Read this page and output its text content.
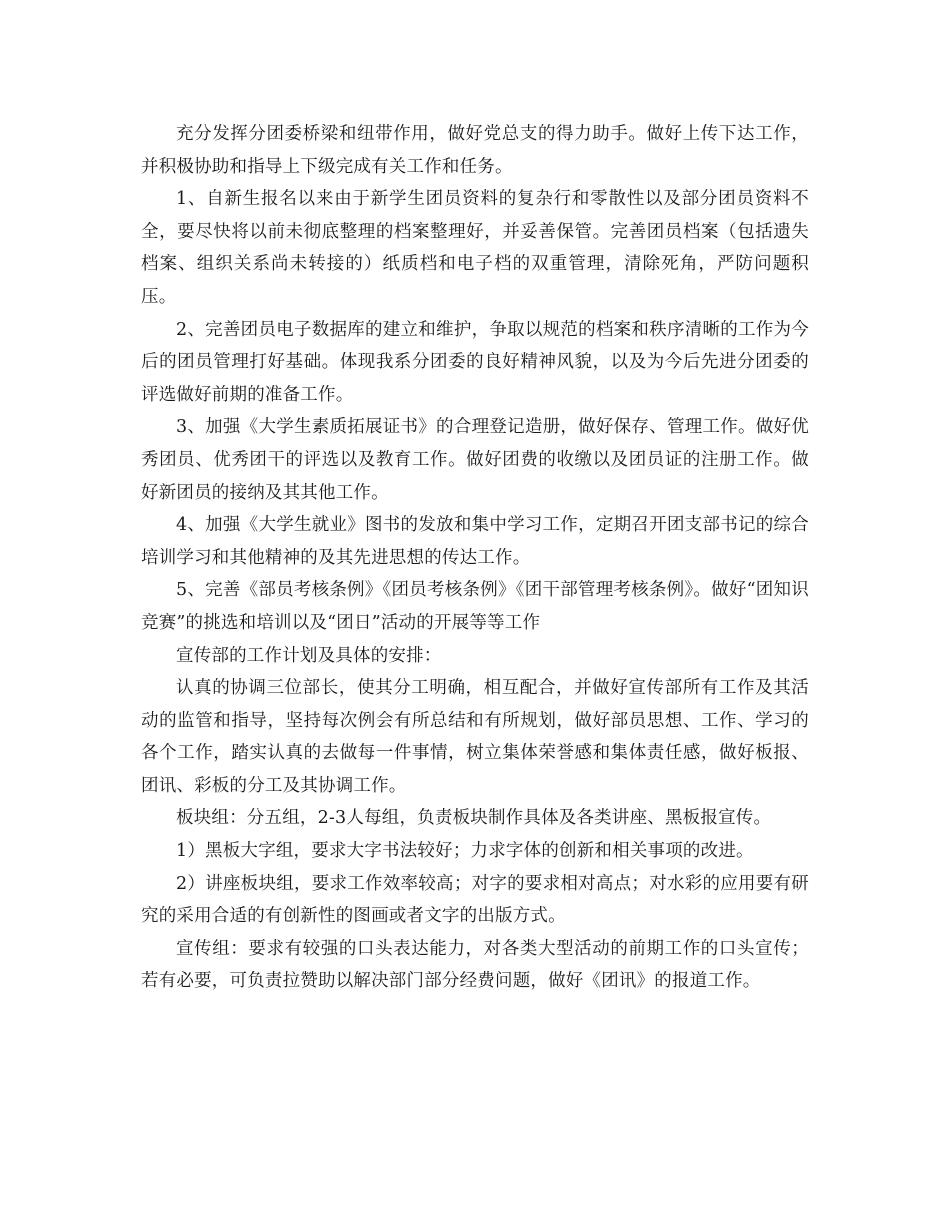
充分发挥分团委桥梁和纽带作用，做好党总支的得力助手。做好上传下达工作，并积极协助和指导上下级完成有关工作和任务。

1、自新生报名以来由于新学生团员资料的复杂行和零散性以及部分团员资料不全，要尽快将以前未彻底整理的档案整理好，并妥善保管。完善团员档案（包括遗失档案、组织关系尚未转接的）纸质档和电子档的双重管理，清除死角，严防问题积压。

2、完善团员电子数据库的建立和维护，争取以规范的档案和秩序清晰的工作为今后的团员管理打好基础。体现我系分团委的良好精神风貌，以及为今后先进分团委的评选做好前期的准备工作。

3、加强《大学生素质拓展证书》的合理登记造册，做好保存、管理工作。做好优秀团员、优秀团干的评选以及教育工作。做好团费的收缴以及团员证的注册工作。做好新团员的接纳及其其他工作。

4、加强《大学生就业》图书的发放和集中学习工作，定期召开团支部书记的综合培训学习和其他精神的及其先进思想的传达工作。

5、完善《部员考核条例》《团员考核条例》《团干部管理考核条例》。做好“团知识竞赛”的挑选和培训以及“团日”活动的开展等等工作

宣传部的工作计划及具体的安排：

认真的协调三位部长，使其分工明确，相互配合，并做好宣传部所有工作及其活动的监管和指导，坚持每次例会有所总结和有所规划，做好部员思想、工作、学习的各个工作，踏实认真的去做每一件事情，树立集体荣誉感和集体责任感，做好板报、团讯、彩板的分工及其协调工作。

板块组：分五组，2-3人每组，负责板块制作具体及各类讲座、黑板报宣传。

1）黑板大字组，要求大字书法较好；力求字体的创新和相关事项的改进。

2）讲座板块组，要求工作效率较高；对字的要求相对高点；对水彩的应用要有研究的采用合适的有创新性的图画或者文字的出版方式。

宣传组：要求有较强的口头表达能力，对各类大型活动的前期工作的口头宣传；若有必要，可负责拉赞助以解决部门部分经费问题，做好《团讯》的报道工作。
